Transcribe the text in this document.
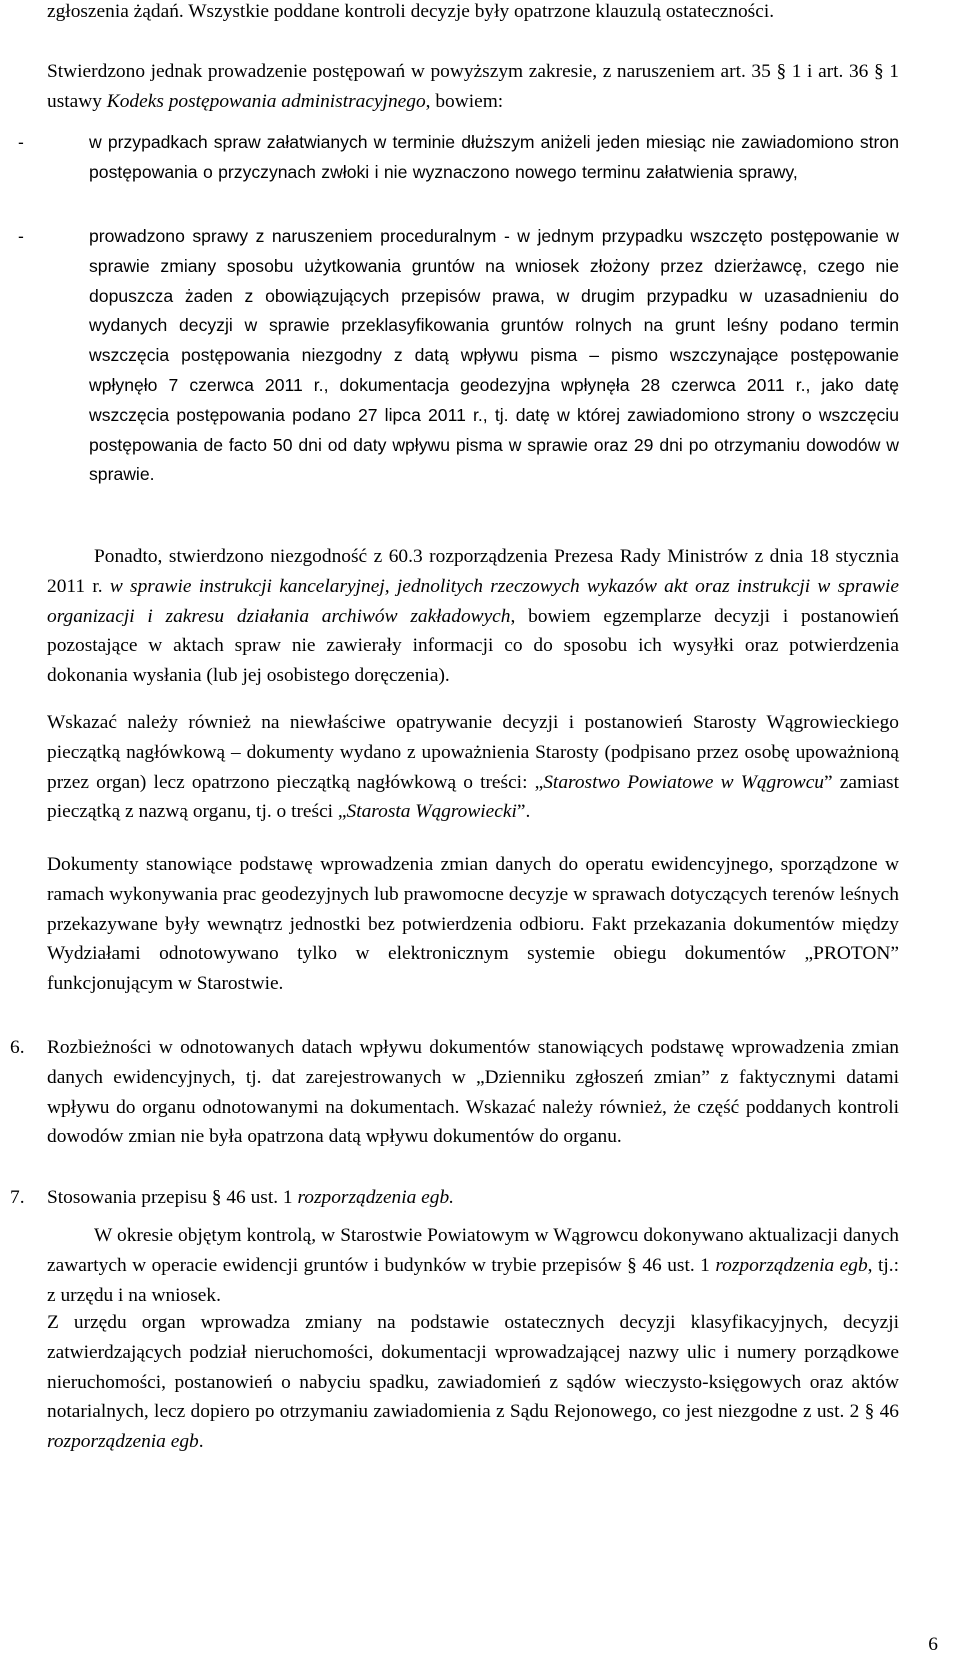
zgłoszenia żądań. Wszystkie poddane kontroli decyzje były opatrzone klauzulą ostateczności.

Stwierdzono jednak prowadzenie postępowań w powyższym zakresie, z naruszeniem art. 35 § 1 i art. 36 § 1 ustawy Kodeks postępowania administracyjnego, bowiem:

-	w przypadkach spraw załatwianych w terminie dłuższym aniżeli jeden miesiąc nie zawiadomiono stron postępowania o przyczynach zwłoki i nie wyznaczono nowego terminu załatwienia sprawy,

-	prowadzono sprawy z naruszeniem proceduralnym - w jednym przypadku wszczęto postępowanie w sprawie zmiany sposobu użytkowania gruntów na wniosek złożony przez dzierżawcę, czego nie dopuszcza żaden z obowiązujących przepisów prawa, w drugim przypadku w uzasadnieniu do wydanych decyzji w sprawie przeklasyfikowania gruntów rolnych na grunt leśny podano termin wszczęcia postępowania niezgodny z datą wpływu pisma – pismo wszczynające postępowanie wpłynęło 7 czerwca 2011 r., dokumentacja geodezyjna wpłynęła 28 czerwca 2011 r., jako datę wszczęcia postępowania podano 27 lipca 2011 r., tj. datę w której zawiadomiono strony o wszczęciu postępowania de facto 50 dni od daty wpływu pisma w sprawie oraz 29 dni po otrzymaniu dowodów w sprawie.

Ponadto, stwierdzono niezgodność z 60.3 rozporządzenia Prezesa Rady Ministrów z dnia 18 stycznia 2011 r. w sprawie instrukcji kancelaryjnej, jednolitych rzeczowych wykazów akt oraz instrukcji w sprawie organizacji i zakresu działania archiwów zakładowych, bowiem egzemplarze decyzji i postanowień pozostające w aktach spraw nie zawierały informacji co do sposobu ich wysyłki oraz potwierdzenia dokonania wysłania (lub jej osobistego doręczenia).

Wskazać należy również na niewłaściwe opatrywanie decyzji i postanowień Starosty Wągrowieckiego pieczątką nagłówkową – dokumenty wydano z upoważnienia Starosty (podpisano przez osobę upoważnioną przez organ) lecz opatrzono pieczątką nagłówkową o treści: „Starostwo Powiatowe w Wągrowcu” zamiast pieczątką z nazwą organu, tj. o treści „Starosta Wągrowiecki”.

Dokumenty stanowiące podstawę wprowadzenia zmian danych do operatu ewidencyjnego, sporządzone w ramach wykonywania prac geodezyjnych lub prawomocne decyzje w sprawach dotyczących terenów leśnych przekazywane były wewnątrz jednostki bez potwierdzenia odbioru. Fakt przekazania dokumentów między Wydziałami odnotowywano tylko w elektronicznym systemie obiegu dokumentów „PROTON” funkcjonującym w Starostwie.

6. Rozbieżności w odnotowanych datach wpływu dokumentów stanowiących podstawę wprowadzenia zmian danych ewidencyjnych, tj. dat zarejestrowanych w „Dzienniku zgłoszeń zmian” z faktycznymi datami wpływu do organu odnotowanymi na dokumentach. Wskazać należy również, że część poddanych kontroli dowodów zmian nie była opatrzona datą wpływu dokumentów do organu.

7. Stosowania przepisu § 46 ust. 1 rozporządzenia egb.

W okresie objętym kontrolą, w Starostwie Powiatowym w Wągrowcu dokonywano aktualizacji danych zawartych w operacie ewidencji gruntów i budynków w trybie przepisów § 46 ust. 1 rozporządzenia egb, tj.: z urzędu i na wniosek.

Z urzędu organ wprowadza zmiany na podstawie ostatecznych decyzji klasyfikacyjnych, decyzji zatwierdzających podział nieruchomości, dokumentacji wprowadzającej nazwy ulic i numery porządkowe nieruchomości, postanowień o nabyciu spadku, zawiadomień z sądów wieczysto-księgowych oraz aktów notarialnych, lecz dopiero po otrzymaniu zawiadomienia z Sądu Rejonowego, co jest niezgodne z ust. 2 § 46 rozporządzenia egb.

6
